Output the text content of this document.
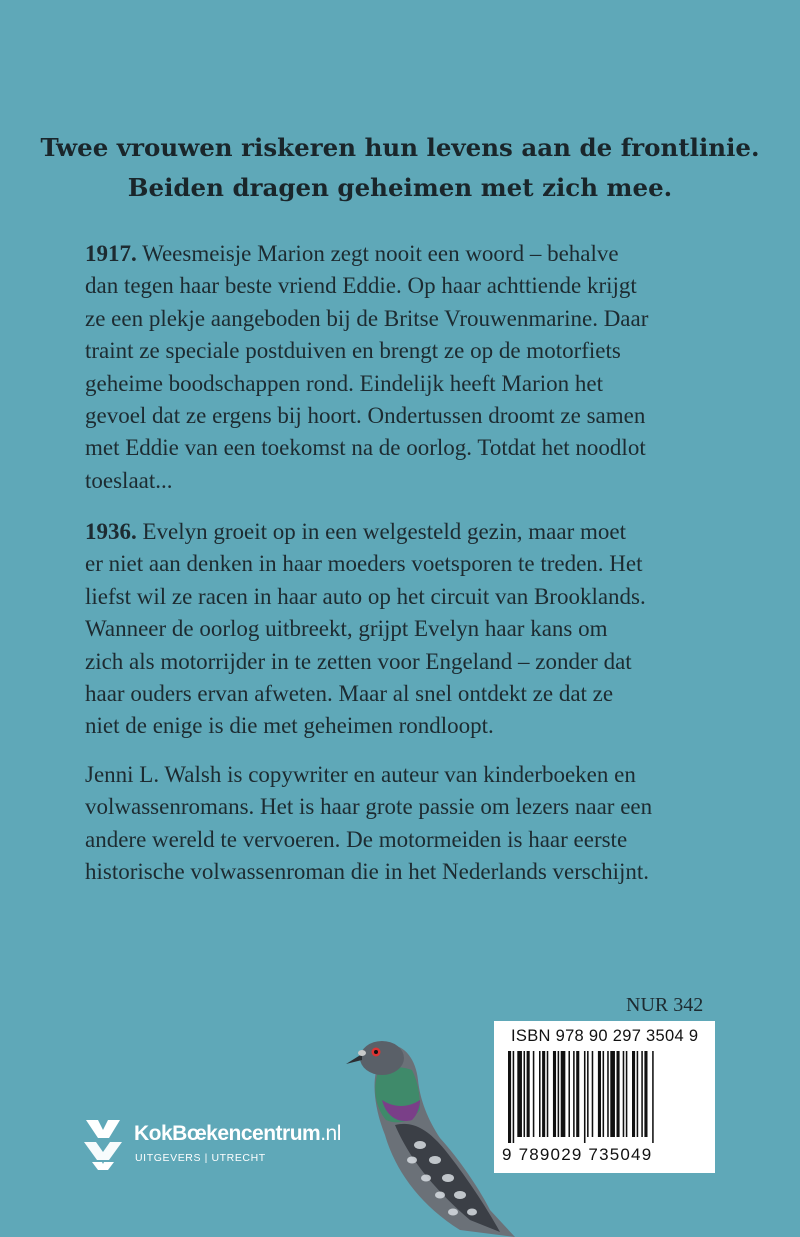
Twee vrouwen riskeren hun levens aan de frontlinie.
Beiden dragen geheimen met zich mee.
1917. Weesmeisje Marion zegt nooit een woord – behalve
dan tegen haar beste vriend Eddie. Op haar achttiende krijgt
ze een plekje aangeboden bij de Britse Vrouwenmarine. Daar
traint ze speciale postduiven en brengt ze op de motorfiets
geheime boodschappen rond. Eindelijk heeft Marion het
gevoel dat ze ergens bij hoort. Ondertussen droomt ze samen
met Eddie van een toekomst na de oorlog. Totdat het noodlot
toeslaat...
1936. Evelyn groeit op in een welgesteld gezin, maar moet
er niet aan denken in haar moeders voetsporen te treden. Het
liefst wil ze racen in haar auto op het circuit van Brooklands.
Wanneer de oorlog uitbreekt, grijpt Evelyn haar kans om
zich als motorrijder in te zetten voor Engeland – zonder dat
haar ouders ervan afweten. Maar al snel ontdekt ze dat ze
niet de enige is die met geheimen rondloopt.
Jenni L. Walsh is copywriter en auteur van kinderboeken en
volwassenromans. Het is haar grote passie om lezers naar een
andere wereld te vervoeren. De motormeiden is haar eerste
historische volwassenroman die in het Nederlands verschijnt.
NUR 342
ISBN 978 90 297 3504 9
9 789029 735049
KokBœkencentrum.nl
UITGEVERS | UTRECHT
